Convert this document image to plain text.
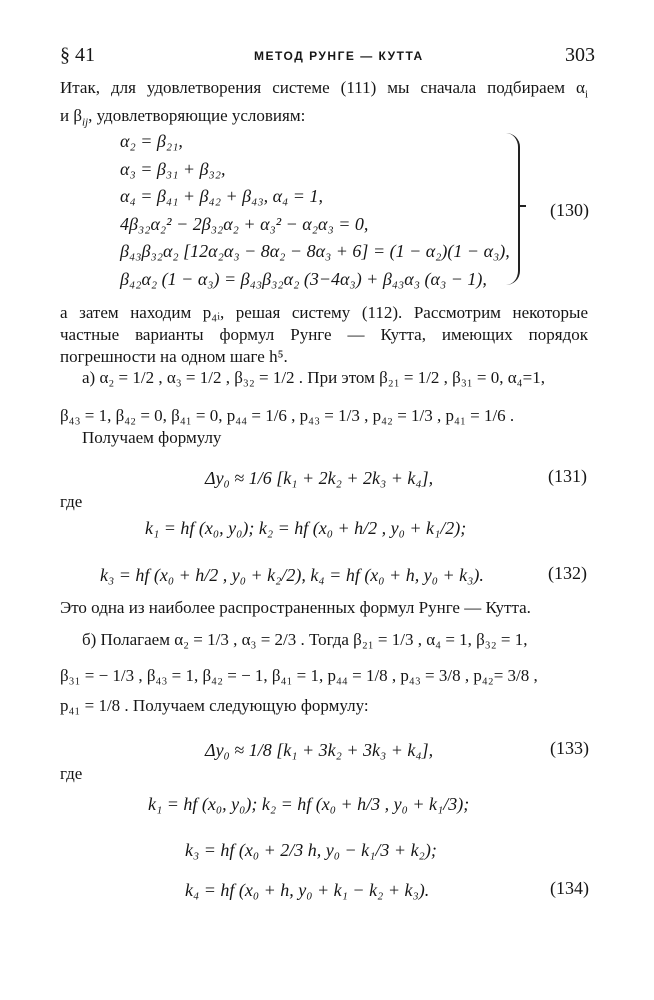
§ 41	МЕТОД РУНГЕ — КУТТА	303
Итак, для удовлетворения системе (111) мы сначала подбираем $\alpha_i$
и $\beta_{ij}$, удовлетворяющие условиям:
α₂ = β₂₁,
α₃ = β₃₁ + β₃₂,
α₄ = β₄₁ + β₄₂ + β₄₃, α₄ = 1,
4β₃₂α₂² − 2β₃₂α₂ + α₃² − α₂α₃ = 0,
β₄₃β₃₂α₂ [12α₂α₃ − 8α₂ − 8α₃ + 6] = (1 − α₂)(1 − α₃),
β₄₂α₂ (1 − α₃) = β₄₃β₃₂α₂ (3−4α₃) + β₄₃α₃ (α₃ − 1),
(130)
а затем находим p₄ᵢ, решая систему (112). Рассмотрим некоторые
частные варианты формул Рунге — Кутта, имеющих порядок
погрешности на одном шаге h⁵.
а) α₂ = 1/2 , α₃ = 1/2 , β₃₂ = 1/2 . При этом β₂₁ = 1/2 , β₃₁ = 0, α₄=1,
β₄₃ = 1, β₄₂ = 0, β₄₁ = 0, p₄₄ = 1/6 , p₄₃ = 1/3 , p₄₂ = 1/3 , p₄₁ = 1/6 .
Получаем формулу
Δy₀ ≈ 1/6 [k₁ + 2k₂ + 2k₃ + k₄],	(131)
где
k₁ = hf (x₀, y₀); k₂ = hf (x₀ + h/2 , y₀ + k₁/2);
k₃ = hf (x₀ + h/2 , y₀ + k₂/2), k₄ = hf (x₀ + h, y₀ + k₃).	(132)
Это одна из наиболее распространенных формул Рунге — Кутта.
б) Полагаем α₂ = 1/3 , α₃ = 2/3 . Тогда β₂₁ = 1/3 , α₄ = 1, β₃₂ = 1,
β₃₁ = − 1/3 , β₄₃ = 1, β₄₂ = − 1, β₄₁ = 1, p₄₄ = 1/8 , p₄₃ = 3/8 , p₄₂= 3/8 ,
p₄₁ = 1/8 . Получаем следующую формулу:
Δy₀ ≈ 1/8 [k₁ + 3k₂ + 3k₃ + k₄],	(133)
где
k₁ = hf (x₀, y₀); k₂ = hf (x₀ + h/3 , y₀ + k₁/3);
k₃ = hf (x₀ + 2/3 h, y₀ − k₁/3 + k₂);
k₄ = hf (x₀ + h, y₀ + k₁ − k₂ + k₃).	(134)
